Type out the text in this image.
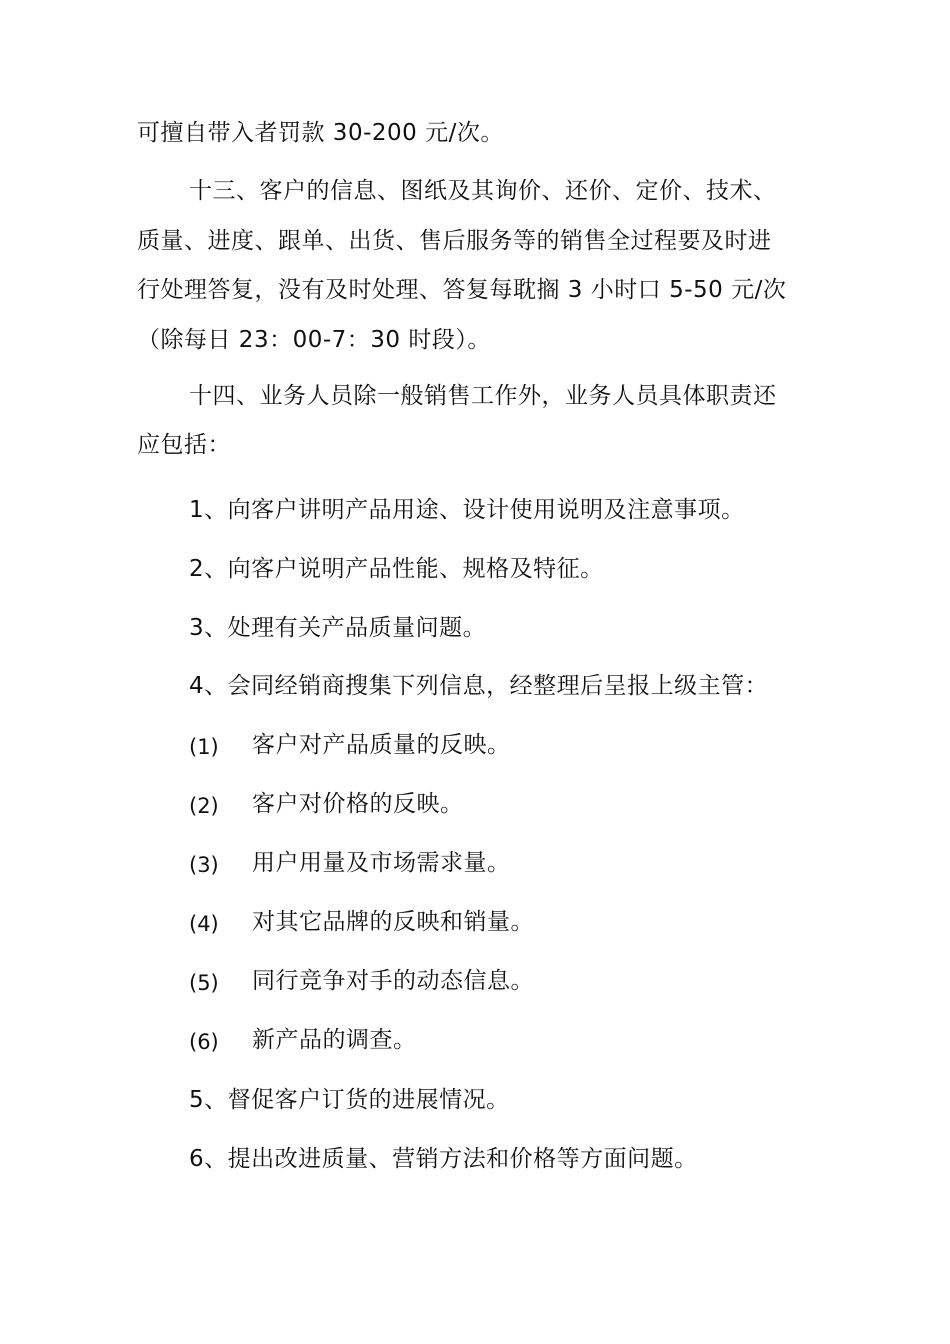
可擅自带入者罚款 30-200 元/次。
十三、客户的信息、图纸及其询价、还价、定价、技术、
质量、进度、跟单、出货、售后服务等的销售全过程要及时进
行处理答复，没有及时处理、答复每耽搁 3 小时口 5-50 元/次
（除每日 23：00-7：30 时段）。
十四、业务人员除一般销售工作外，业务人员具体职责还
应包括：
1、向客户讲明产品用途、设计使用说明及注意事项。
2、向客户说明产品性能、规格及特征。
3、处理有关产品质量问题。
4、会同经销商搜集下列信息，经整理后呈报上级主管：
(1) 客户对产品质量的反映。
(2) 客户对价格的反映。
(3) 用户用量及市场需求量。
(4) 对其它品牌的反映和销量。
(5) 同行竞争对手的动态信息。
(6) 新产品的调查。
5、督促客户订货的进展情况。
6、提出改进质量、营销方法和价格等方面问题。
